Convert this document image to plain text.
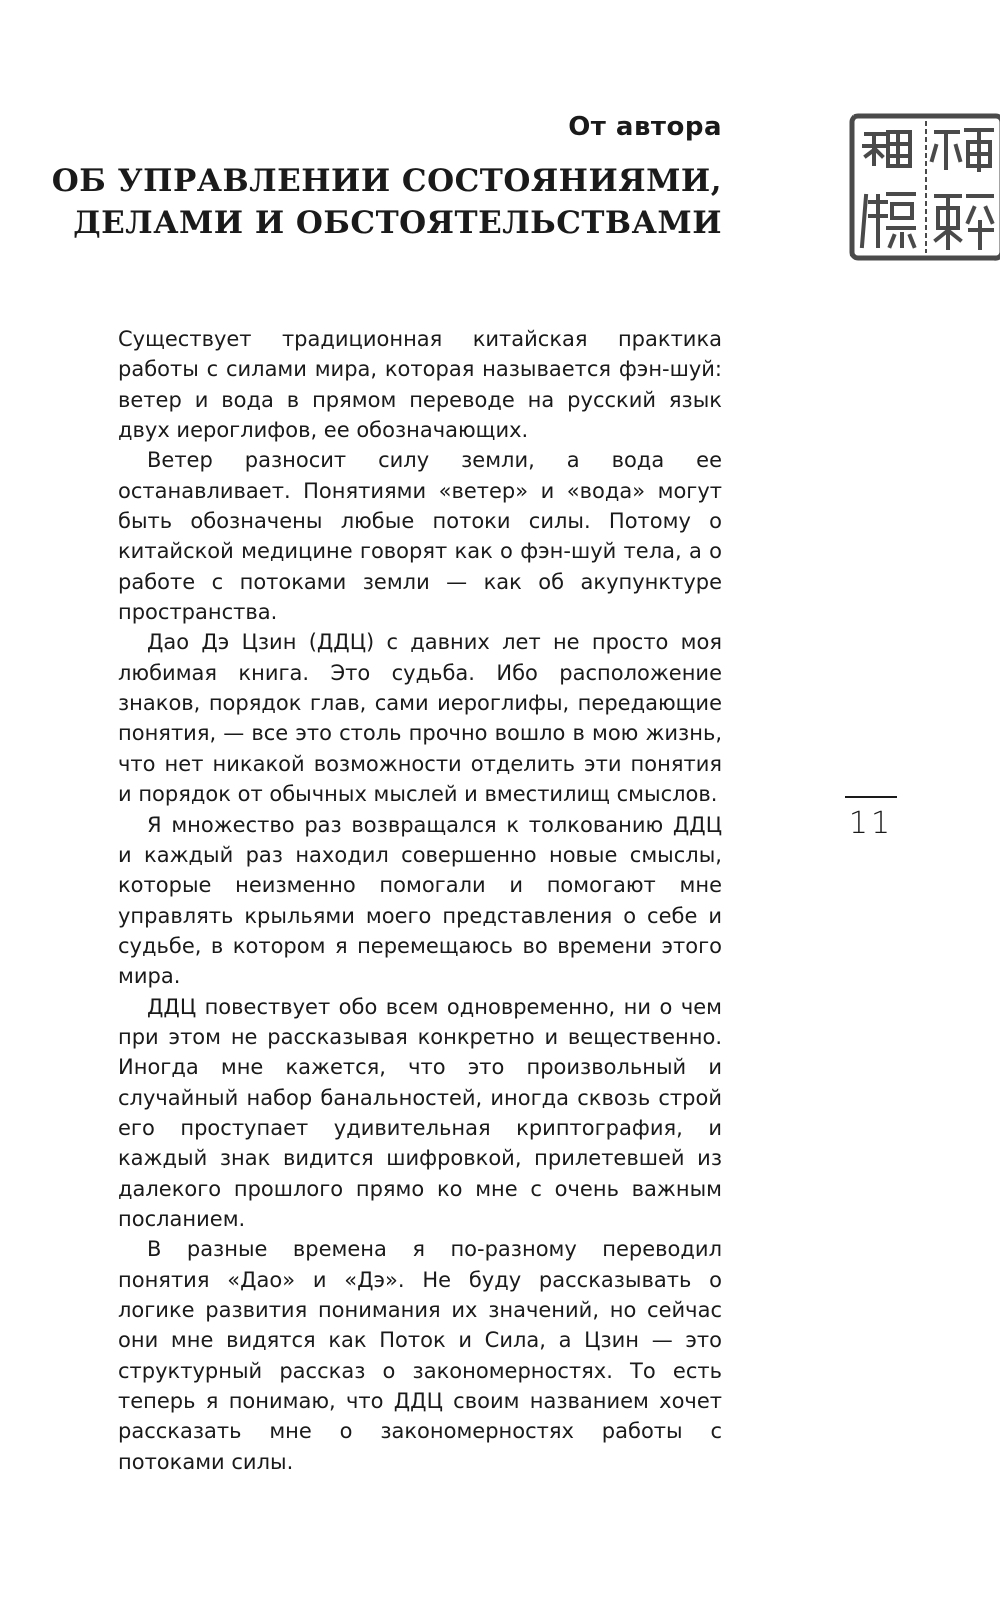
От автора
ОБ УПРАВЛЕНИИ СОСТОЯНИЯМИ,
ДЕЛАМИ И ОБСТОЯТЕЛЬСТВАМИ

Существует традиционная китайская практика работы с силами мира, которая называется фэн-шуй: ветер и вода в прямом переводе на русский язык двух иероглифов, ее обозначающих.

Ветер разносит силу земли, а вода ее останавливает. Понятиями «ветер» и «вода» могут быть обозначены любые потоки силы. Потому о китайской медицине говорят как о фэн-шуй тела, а о работе с потоками земли — как об акупунктуре пространства.

Дао Дэ Цзин (ДДЦ) с давних лет не просто моя любимая книга. Это судьба. Ибо расположение знаков, порядок глав, сами иероглифы, передающие понятия, — все это столь прочно вошло в мою жизнь, что нет никакой возможности отделить эти понятия и порядок от обычных мыслей и вместилищ смыслов.

Я множество раз возвращался к толкованию ДДЦ и каждый раз находил совершенно новые смыслы, которые неизменно помогали и помогают мне управлять крыльями моего представления о себе и судьбе, в котором я перемещаюсь во времени этого мира.

ДДЦ повествует обо всем одновременно, ни о чем при этом не рассказывая конкретно и вещественно. Иногда мне кажется, что это произвольный и случайный набор банальностей, иногда сквозь строй его проступает удивительная криптография, и каждый знак видится шифровкой, прилетевшей из далекого прошлого прямо ко мне с очень важным посланием.

В разные времена я по-разному переводил понятия «Дао» и «Дэ». Не буду рассказывать о логике развития понимания их значений, но сейчас они мне видятся как Поток и Сила, а Цзин — это структурный рассказ о закономерностях. То есть теперь я понимаю, что ДДЦ своим названием хочет рассказать мне о закономерностях работы с потоками силы.

11
